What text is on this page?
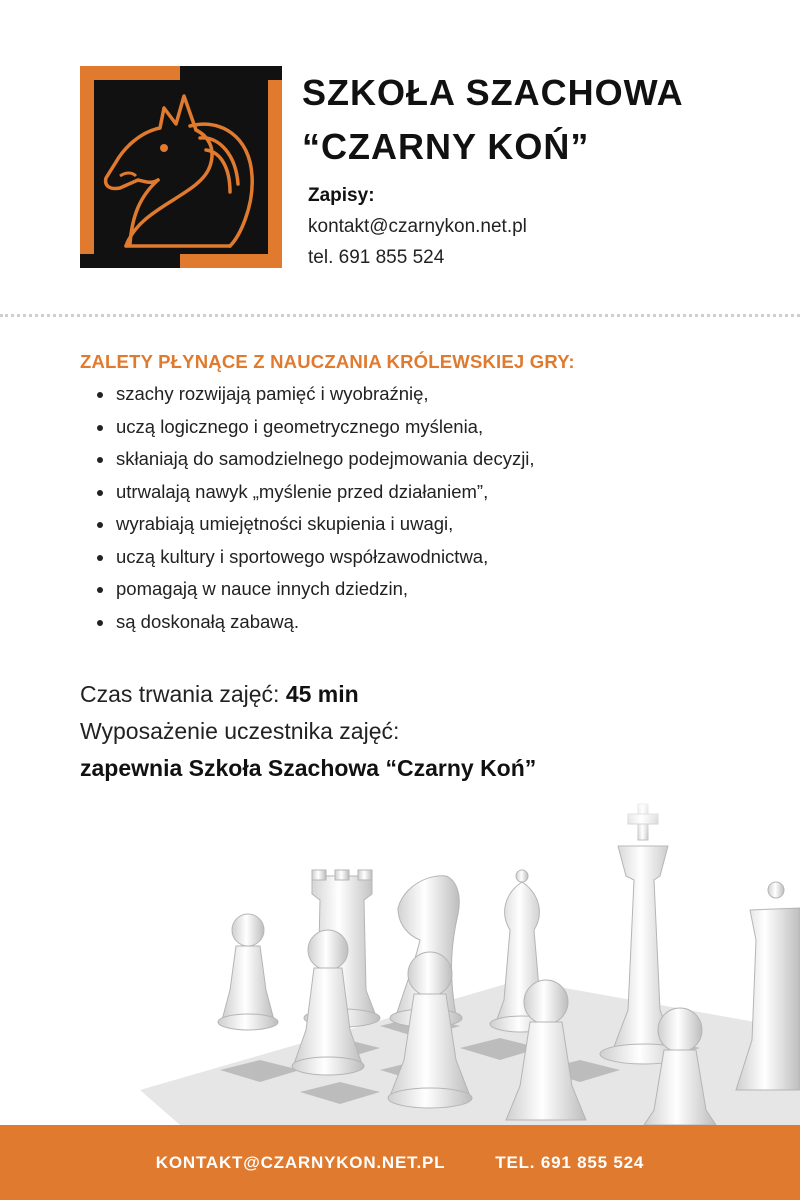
SZKOŁA SZACHOWA
“CZARNY KOŃ”
Zapisy:
kontakt@czarnykon.net.pl
tel. 691 855 524
ZALETY PŁYNĄCE Z NAUCZANIA KRÓLEWSKIEJ GRY:
szachy rozwijają pamięć i wyobraźnię,
uczą logicznego i geometrycznego myślenia,
skłaniają do samodzielnego podejmowania decyzji,
utrwalają nawyk „myślenie przed działaniem”,
wyrabiają umiejętności skupienia i uwagi,
uczą kultury i sportowego współzawodnictwa,
pomagają w nauce innych dziedzin,
są doskonałą zabawą.
Czas trwania zajęć: 45 min
Wyposażenie uczestnika zajęć:
zapewnia Szkoła Szachowa “Czarny Koń”
KONTAKT@CZARNYKON.NET.PL	TEL. 691 855 524
